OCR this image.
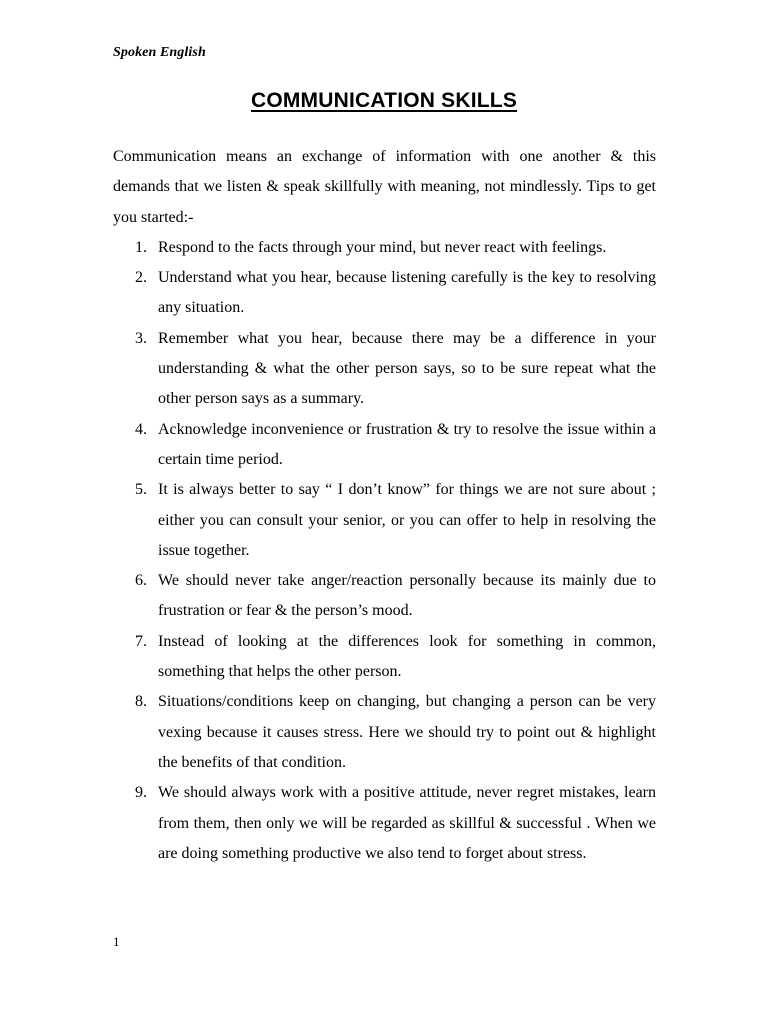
Spoken English
COMMUNICATION SKILLS

Communication means an exchange of information with one another & this demands that we listen & speak skillfully with meaning, not mindlessly. Tips to get you started:-

1. Respond to the facts through your mind, but never react with feelings.
2. Understand what you hear, because listening carefully is the key to resolving any situation.
3. Remember what you hear, because there may be a difference in your understanding & what the other person says, so to be sure repeat what the other person says as a summary.
4. Acknowledge inconvenience or frustration & try to resolve the issue within a certain time period.
5. It is always better to say “ I don’t know” for things we are not sure about ; either you can consult your senior, or you can offer to help in resolving the issue together.
6. We should never take anger/reaction personally because its mainly due to frustration or fear & the person’s mood.
7. Instead of looking at the differences look for something in common, something that helps the other person.
8. Situations/conditions keep on changing, but changing a person can be very vexing because it causes stress. Here we should try to point out & highlight the benefits of that condition.
9. We should always work with a positive attitude, never regret mistakes, learn from them, then only we will be regarded as skillful & successful . When we are doing something productive we also tend to forget about stress.
1
